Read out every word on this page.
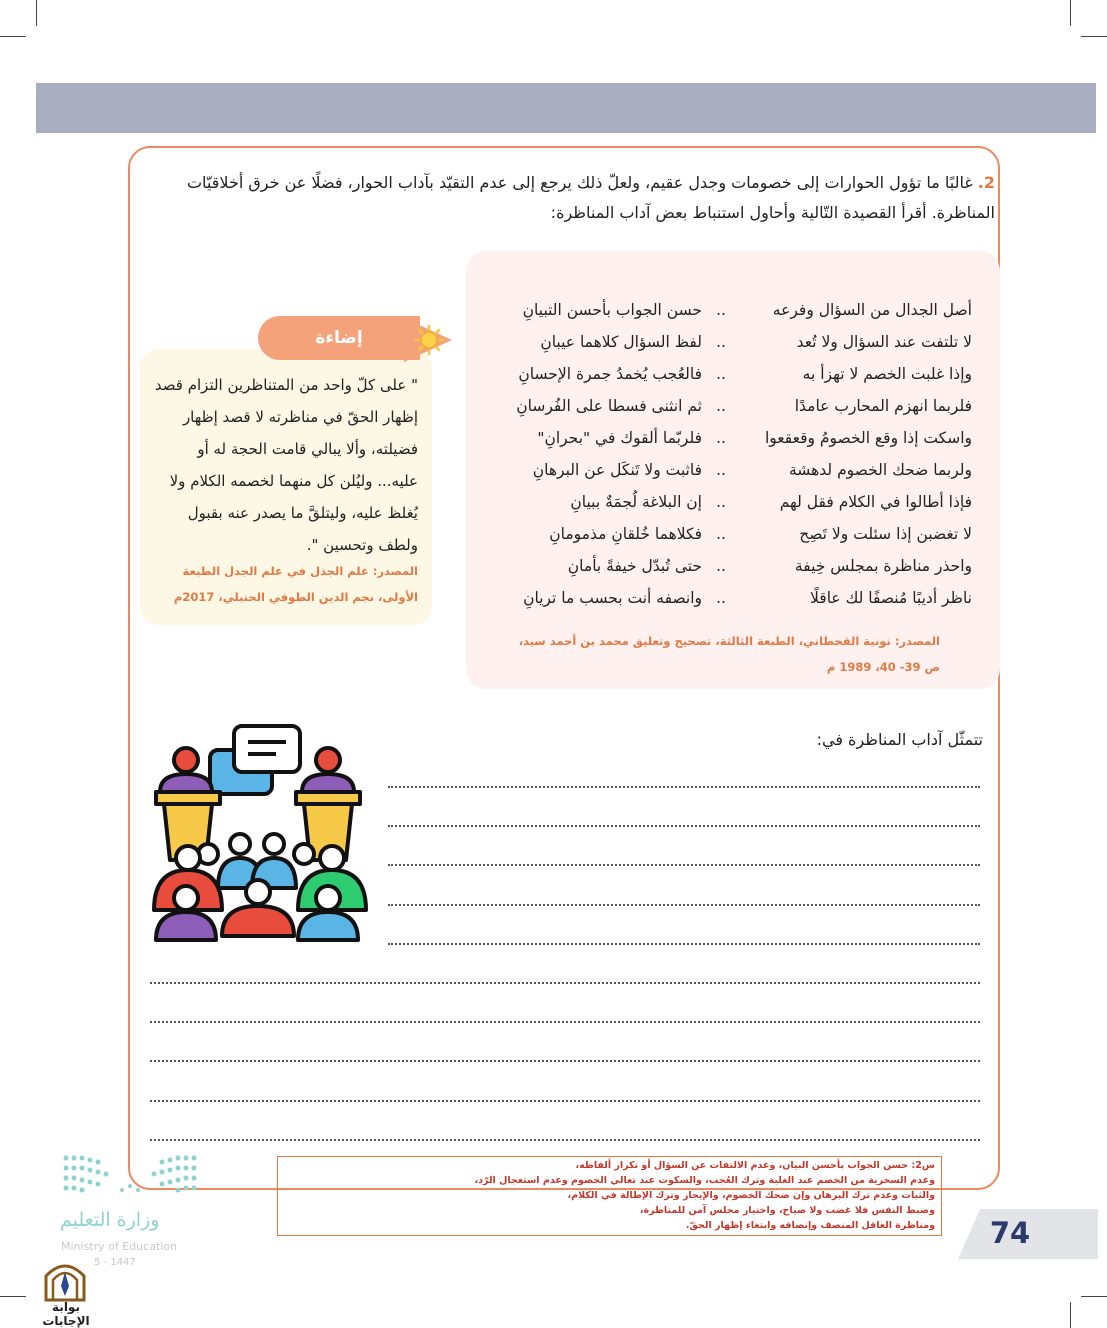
2. غالبًا ما تؤول الحوارات إلى خصومات وجدل عقيم، ولعلّ ذلك يرجع إلى عدم التقيّد بآداب الحوار، فضلًا عن خرق أخلاقيّات المناظرة. أقرأ القصيدة التّالية وأحاول استنباط بعض آداب المناظرة:
أصل الجدال من السؤال وفرعه
..
حسن الجواب بأحسن التبيانِ
لا تلتفت عند السؤال ولا تُعد
..
لفظ السؤال كلاهما عيبانِ
وإذا غلبت الخصم لا تهزأ به
..
فالعُجب يُخمدُ جمرة الإحسانِ
فلربما انهزم المحارب عامدًا
..
ثم انثنى فسطا على الفُرسانِ
واسكت إذا وقع الخصومُ وقعقعوا
..
فلربّما ألقوك في "بحرانِ"
ولربما ضحك الخصوم لدهشة
..
فاثبت ولا تَنكَل عن البرهانِ
فإذا أطالوا في الكلام فقل لهم
..
إن البلاغة لُجمَةٌ ببيانِ
لا تغضبن إذا سئلت ولا تَصِح
..
فكلاهما خُلقانِ مذمومانِ
واحذر مناظرة بمجلس خِيفة
..
حتى تُبدّل خيفةً بأمانِ
ناظر أديبًا مُنصفًا لك عاقلًا
..
وانصفه أنت بحسب ما تريانِ
المصدر: نونية القحطاني، الطبعة الثالثة، تصحيح وتعليق محمد بن أحمد سيد،
ص 39- 40، 1989 م
إضاءة
" على كلّ واحد من المتناظرين التزام قصد إظهار الحقّ في مناظرته لا قصد إظهار فضيلته، وألا يبالي قامت الحجة له أو عليه... وليُلن كل منهما لخصمه الكلام ولا يُغلظ عليه، وليتلقَّ ما يصدر عنه بقبول ولطف وتحسين ".
المصدر: علم الجذل في علم الجدل الطبعة الأولى، نجم الدين الطوفي الحنبلي، 2017م
تتمثّل آداب المناظرة في:
س2: حسن الجواب بأحسن البيان، وعدم الالتفات عن السؤال أو تكرار ألفاظه،
وعدم السخرية من الخصم عند الغلبة وترك العُجب، والسكوت عند تعالي الخصوم وعدم استعجال الرّد،
والثبات وعدم ترك البرهان وإن ضحك الخصوم، والإيجاز وترك الإطالة في الكلام،
وضبط النفس فلا غضب ولا صياح، واختيار مجلس آمن للمناظرة،
ومناظرة العاقل المنصف وإنصافه وابتغاء إظهار الحقّ.	74
وزارة التعليم
Ministry of Education
5 - 1447
بوابة الإجابات
